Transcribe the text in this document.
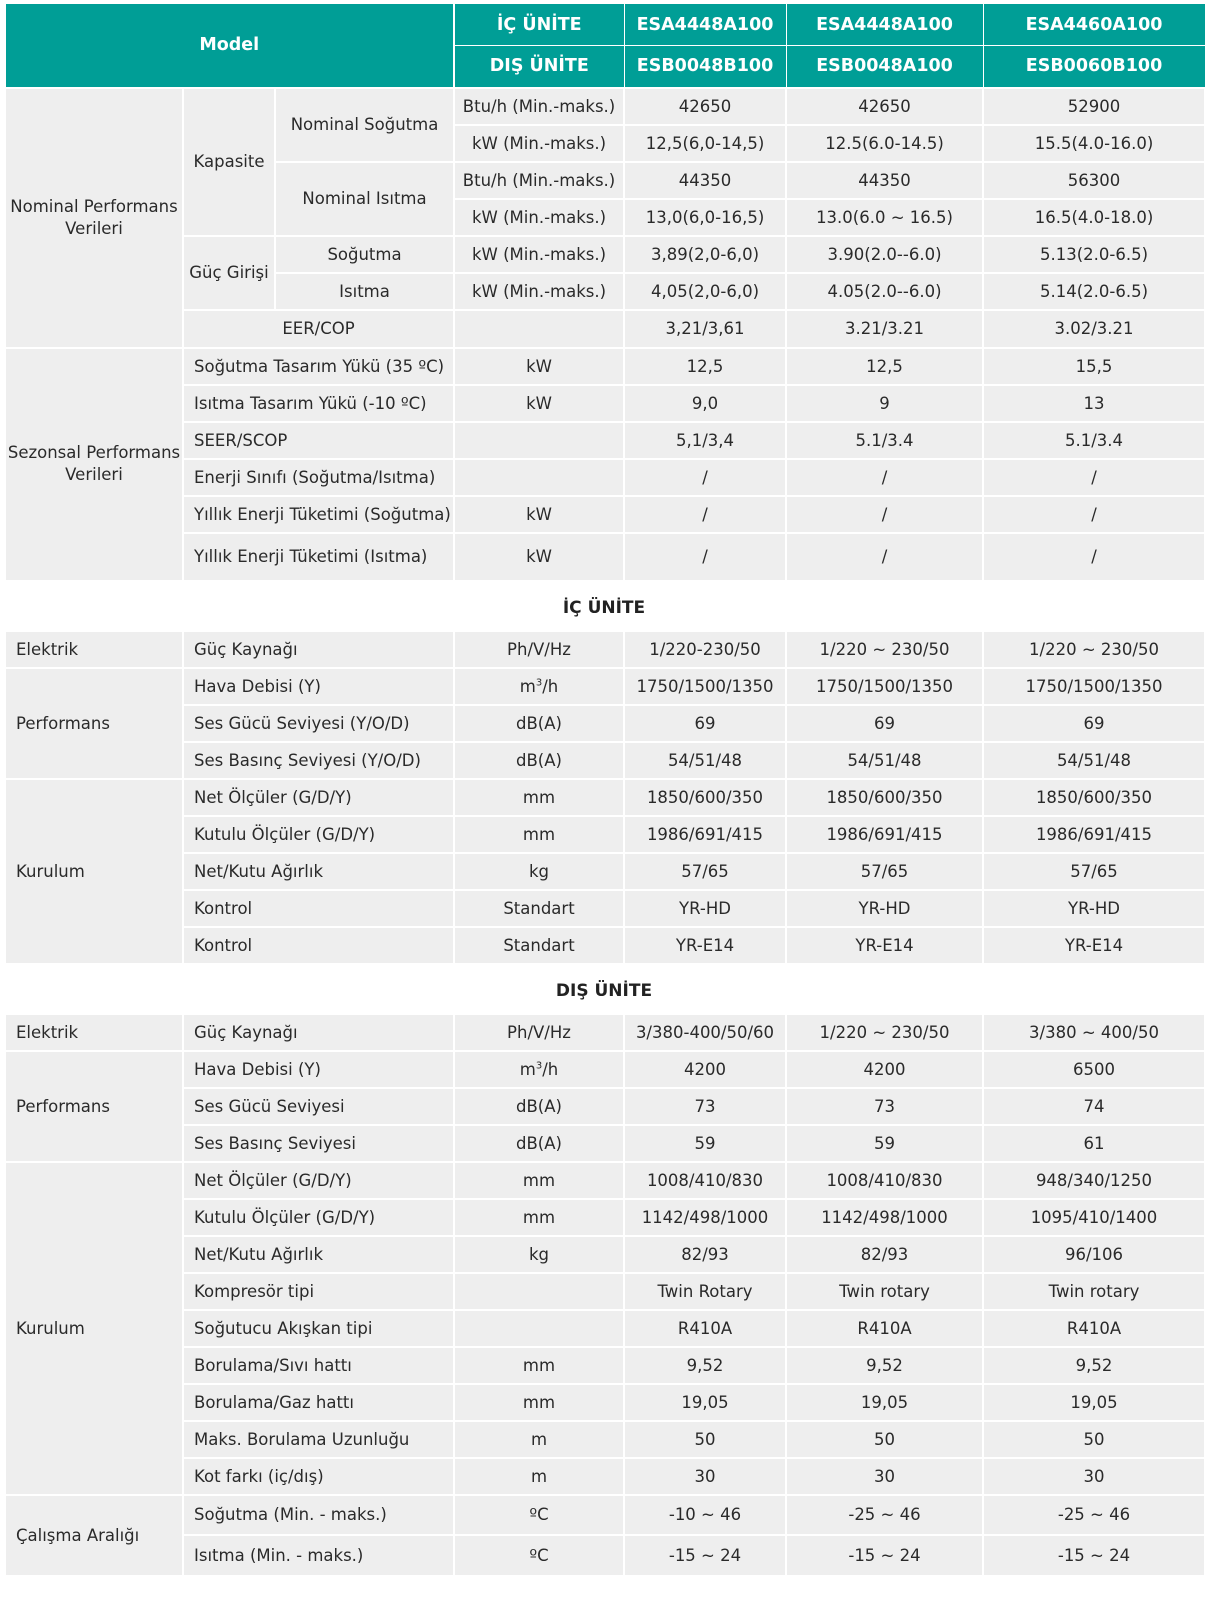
Model			İÇ ÜNİTE	ESA4448A100	ESA4448A100	ESA4460A100
			DIŞ ÜNİTE	ESB0048B100	ESB0048A100	ESB0060B100
Nominal Performans Verileri	Kapasite	Nominal Soğutma	Btu/h (Min.-maks.)	42650	42650	52900
			kW (Min.-maks.)	12,5(6,0-14,5)	12.5(6.0-14.5)	15.5(4.0-16.0)
		Nominal Isıtma	Btu/h (Min.-maks.)	44350	44350	56300
			kW (Min.-maks.)	13,0(6,0-16,5)	13.0(6.0 ~ 16.5)	16.5(4.0-18.0)
	Güç Girişi	Soğutma	kW (Min.-maks.)	3,89(2,0-6,0)	3.90(2.0--6.0)	5.13(2.0-6.5)
		Isıtma	kW (Min.-maks.)	4,05(2,0-6,0)	4.05(2.0--6.0)	5.14(2.0-6.5)
	EER/COP			3,21/3,61	3.21/3.21	3.02/3.21
Sezonsal Performans Verileri	Soğutma Tasarım Yükü (35 ºC)		kW	12,5	12,5	15,5
	Isıtma Tasarım Yükü (-10 ºC)		kW	9,0	9	13
	SEER/SCOP			5,1/3,4	5.1/3.4	5.1/3.4
	Enerji Sınıfı (Soğutma/Isıtma)			/	/	/
	Yıllık Enerji Tüketimi (Soğutma)		kW	/	/	/
	Yıllık Enerji Tüketimi (Isıtma)		kW	/	/	/
İÇ ÜNİTE
Elektrik	Güç Kaynağı	Ph/V/Hz	1/220-230/50	1/220 ~ 230/50	1/220 ~ 230/50
Performans	Hava Debisi (Y)	$m^3/h$	1750/1500/1350	1750/1500/1350	1750/1500/1350
	Ses Gücü Seviyesi (Y/O/D)	dB(A)	69	69	69
	Ses Basınç Seviyesi (Y/O/D)	dB(A)	54/51/48	54/51/48	54/51/48
Kurulum	Net Ölçüler (G/D/Y)	mm	1850/600/350	1850/600/350	1850/600/350
	Kutulu Ölçüler (G/D/Y)	mm	1986/691/415	1986/691/415	1986/691/415
	Net/Kutu Ağırlık	kg	57/65	57/65	57/65
	Kontrol	Standart	YR-HD	YR-HD	YR-HD
	Kontrol	Standart	YR-E14	YR-E14	YR-E14
DIŞ ÜNİTE
Elektrik	Güç Kaynağı	Ph/V/Hz	3/380-400/50/60	1/220 ~ 230/50	3/380 ~ 400/50
Performans	Hava Debisi (Y)	$m^3/h$	4200	4200	6500
	Ses Gücü Seviyesi	dB(A)	73	73	74
	Ses Basınç Seviyesi	dB(A)	59	59	61
Kurulum	Net Ölçüler (G/D/Y)	mm	1008/410/830	1008/410/830	948/340/1250
	Kutulu Ölçüler (G/D/Y)	mm	1142/498/1000	1142/498/1000	1095/410/1400
	Net/Kutu Ağırlık	kg	82/93	82/93	96/106
	Kompresör tipi		Twin Rotary	Twin rotary	Twin rotary
	Soğutucu Akışkan tipi		R410A	R410A	R410A
	Borulama/Sıvı hattı	mm	9,52	9,52	9,52
	Borulama/Gaz hattı	mm	19,05	19,05	19,05
	Maks. Borulama Uzunluğu	m	50	50	50
	Kot farkı (iç/dış)	m	30	30	30
Çalışma Aralığı	Soğutma (Min. - maks.)	ºC	-10 ~ 46	-25 ~ 46	-25 ~ 46
	Isıtma (Min. - maks.)	ºC	-15 ~ 24	-15 ~ 24	-15 ~ 24
